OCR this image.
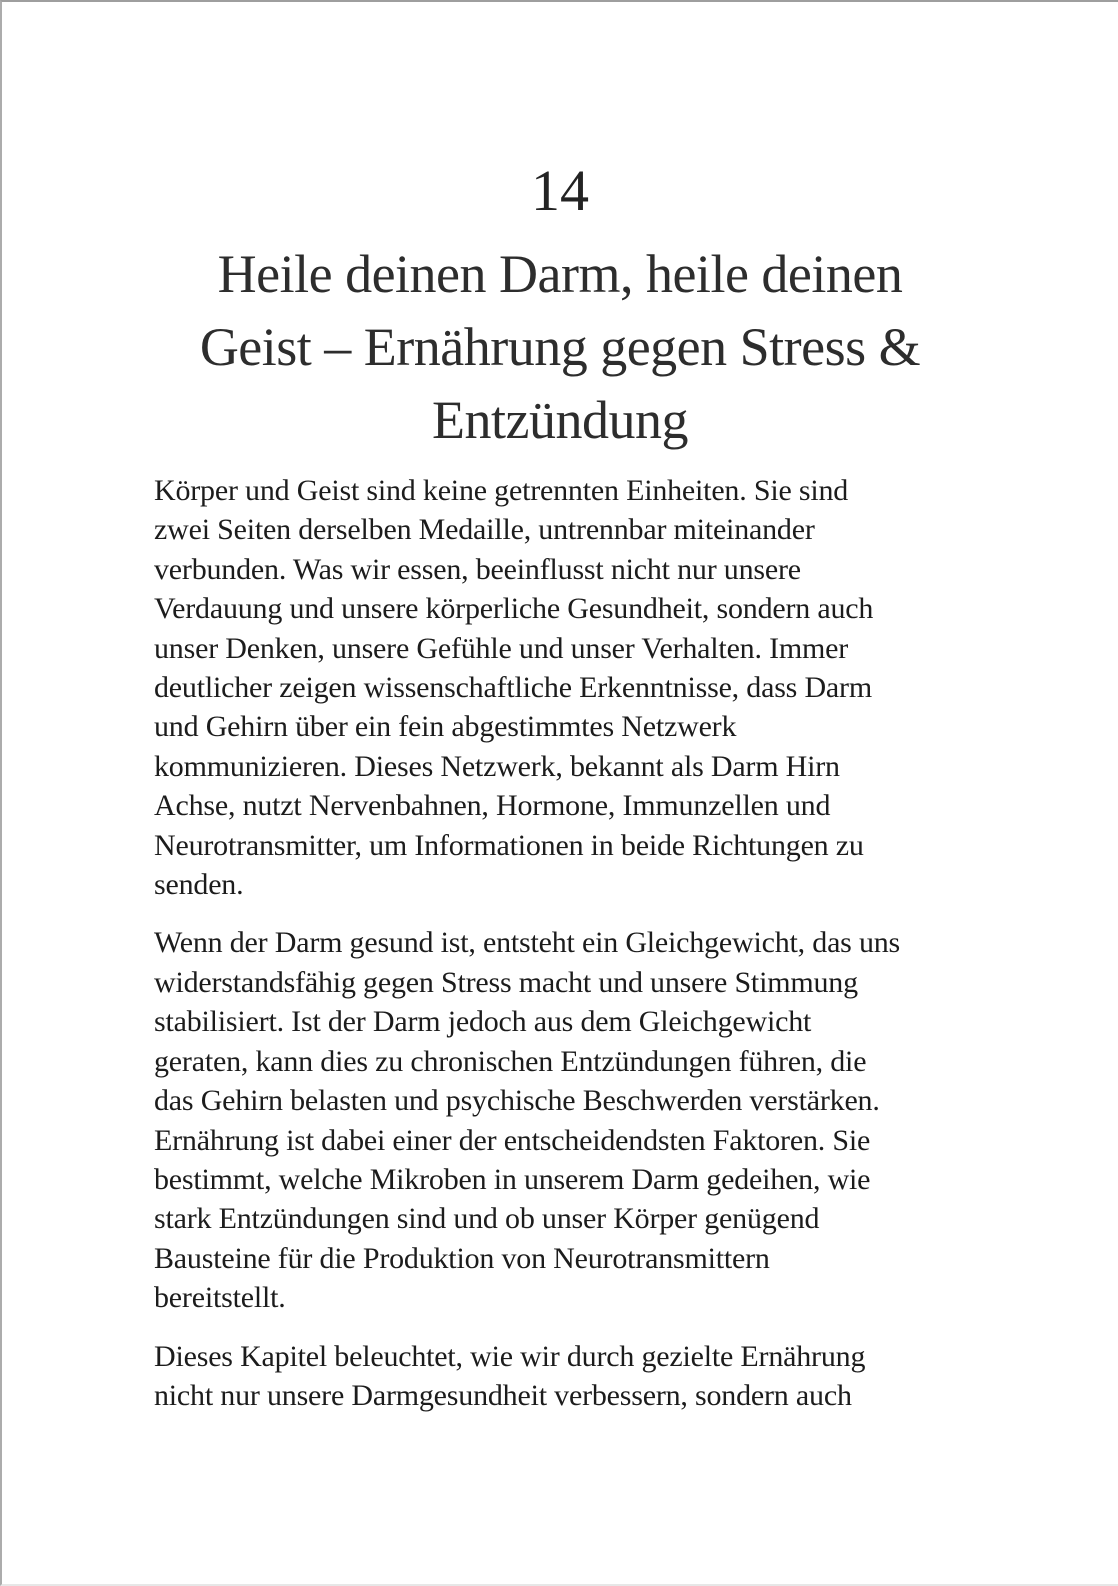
14
Heile deinen Darm, heile deinen
Geist – Ernährung gegen Stress &
Entzündung

Körper und Geist sind keine getrennten Einheiten. Sie sind
zwei Seiten derselben Medaille, untrennbar miteinander
verbunden. Was wir essen, beeinflusst nicht nur unsere
Verdauung und unsere körperliche Gesundheit, sondern auch
unser Denken, unsere Gefühle und unser Verhalten. Immer
deutlicher zeigen wissenschaftliche Erkenntnisse, dass Darm
und Gehirn über ein fein abgestimmtes Netzwerk
kommunizieren. Dieses Netzwerk, bekannt als Darm Hirn
Achse, nutzt Nervenbahnen, Hormone, Immunzellen und
Neurotransmitter, um Informationen in beide Richtungen zu
senden.

Wenn der Darm gesund ist, entsteht ein Gleichgewicht, das uns
widerstandsfähig gegen Stress macht und unsere Stimmung
stabilisiert. Ist der Darm jedoch aus dem Gleichgewicht
geraten, kann dies zu chronischen Entzündungen führen, die
das Gehirn belasten und psychische Beschwerden verstärken.
Ernährung ist dabei einer der entscheidendsten Faktoren. Sie
bestimmt, welche Mikroben in unserem Darm gedeihen, wie
stark Entzündungen sind und ob unser Körper genügend
Bausteine für die Produktion von Neurotransmittern
bereitstellt.

Dieses Kapitel beleuchtet, wie wir durch gezielte Ernährung
nicht nur unsere Darmgesundheit verbessern, sondern auch
